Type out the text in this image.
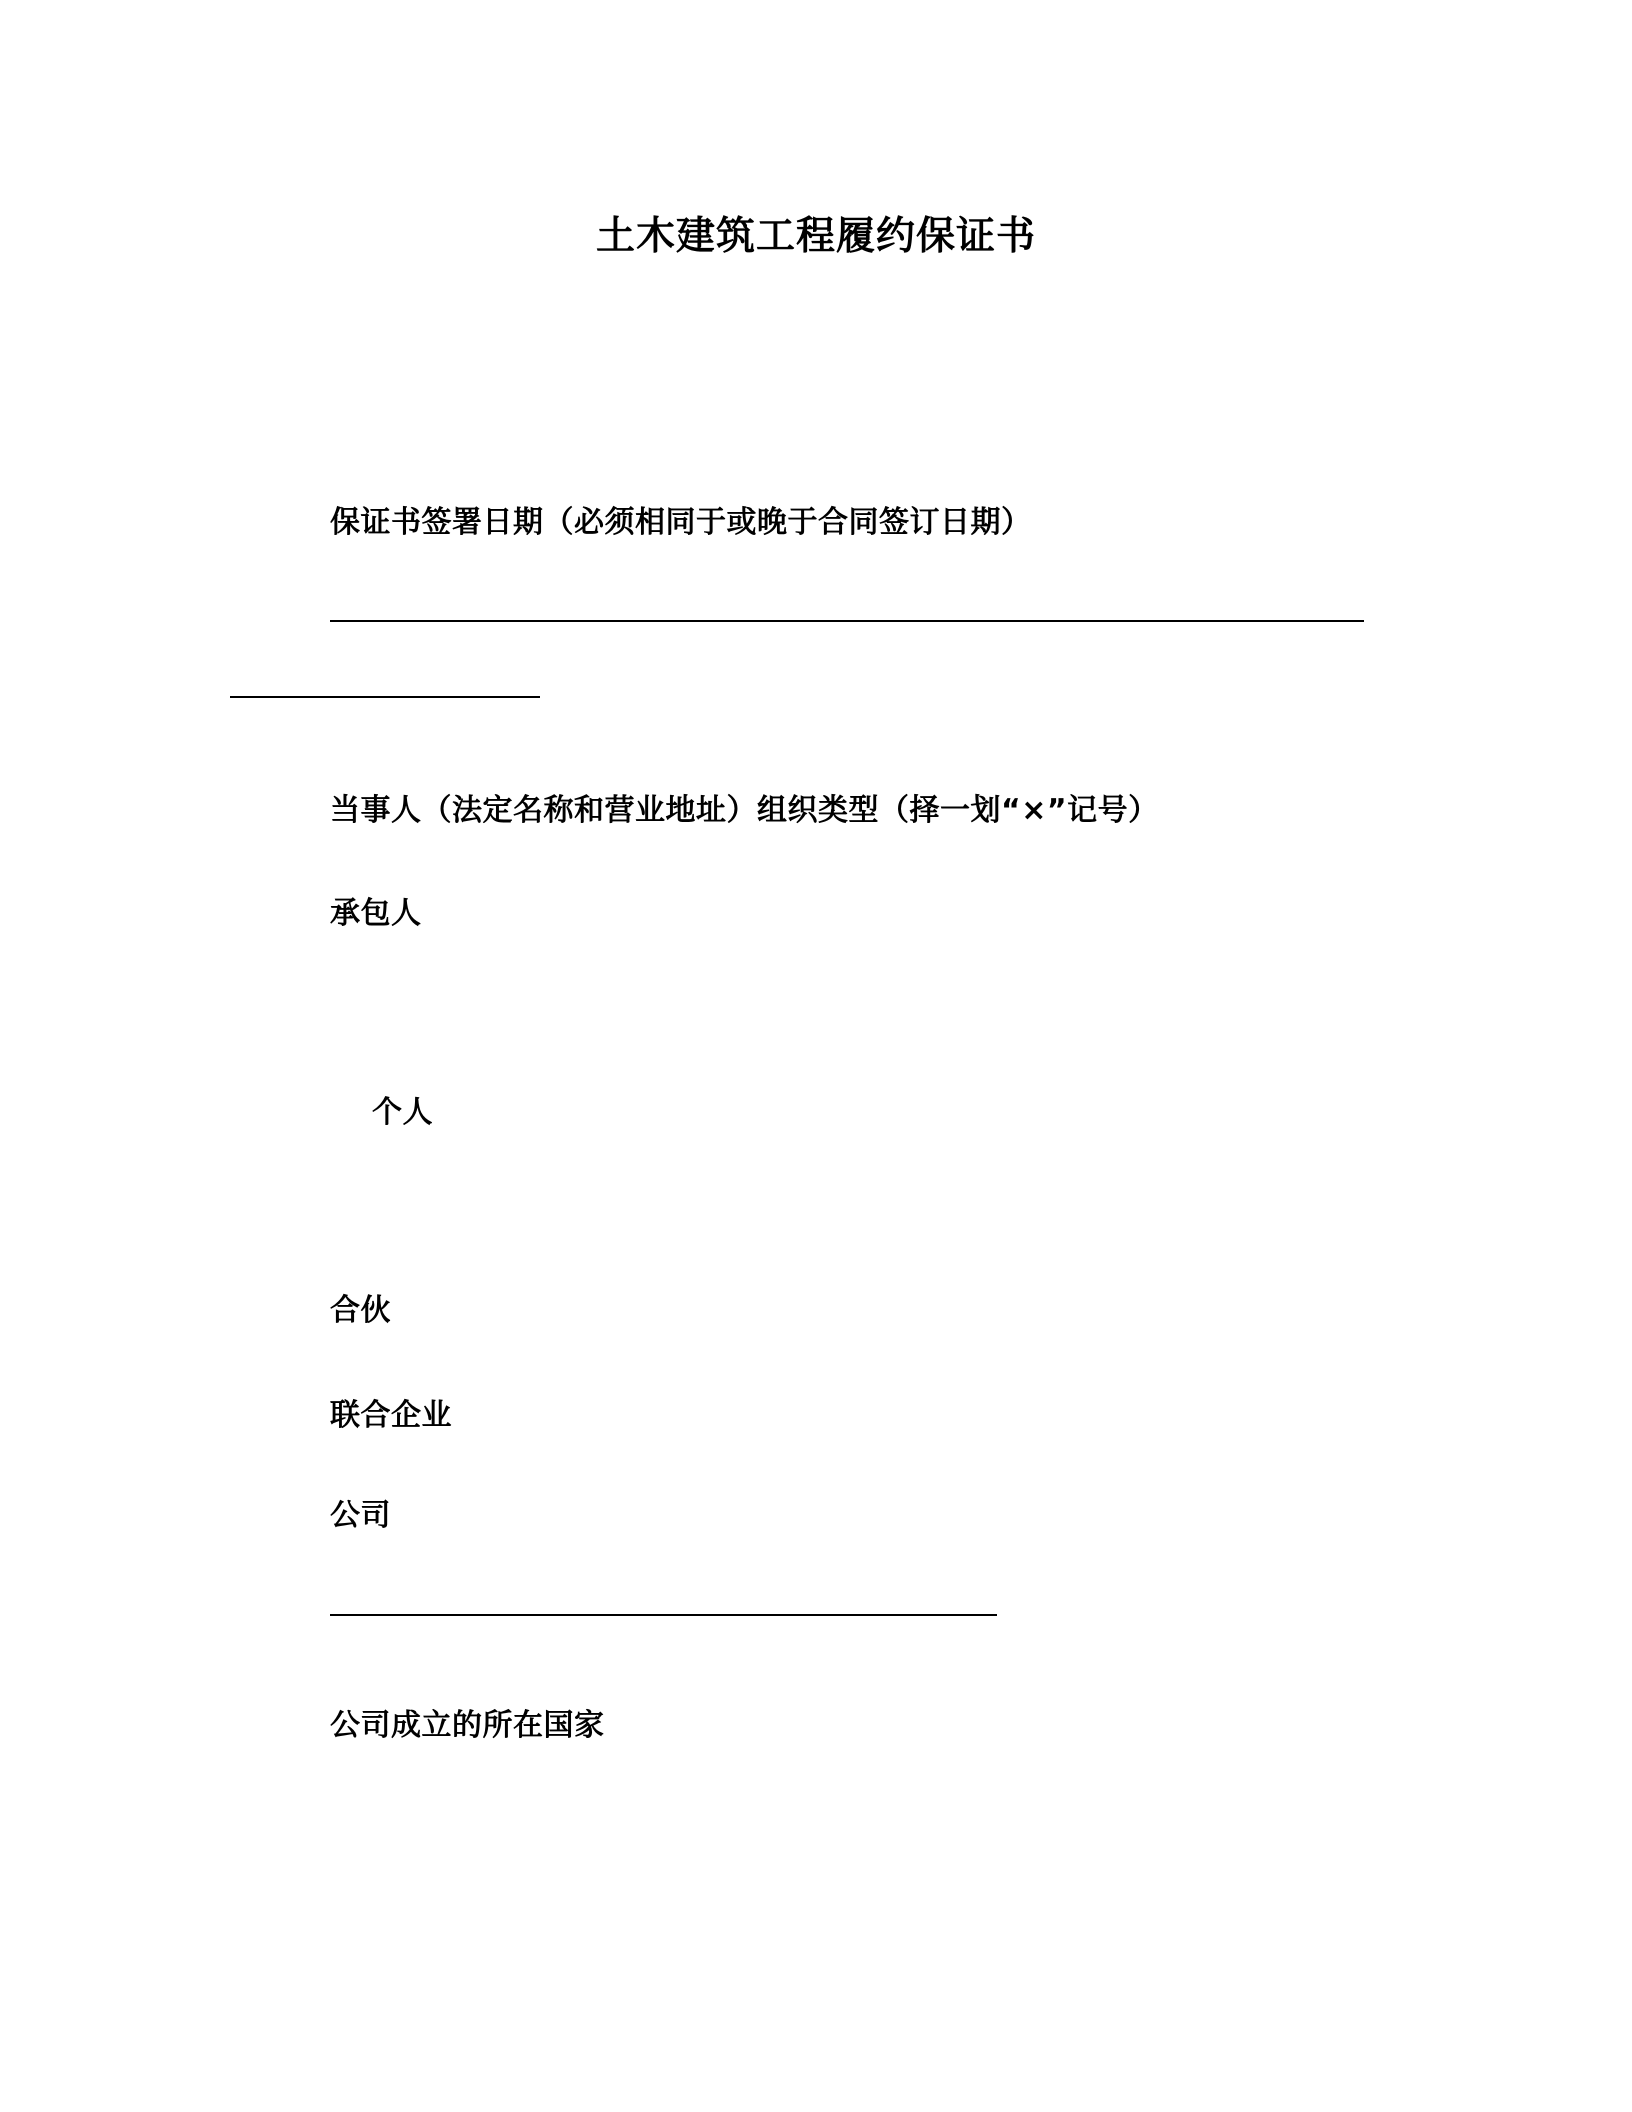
土木建筑工程履约保证书
保证书签署日期（必须相同于或晚于合同签订日期）
当事人（法定名称和营业地址）组织类型（择一划“×”记号）
承包人
个人
合伙
联合企业
公司
公司成立的所在国家
